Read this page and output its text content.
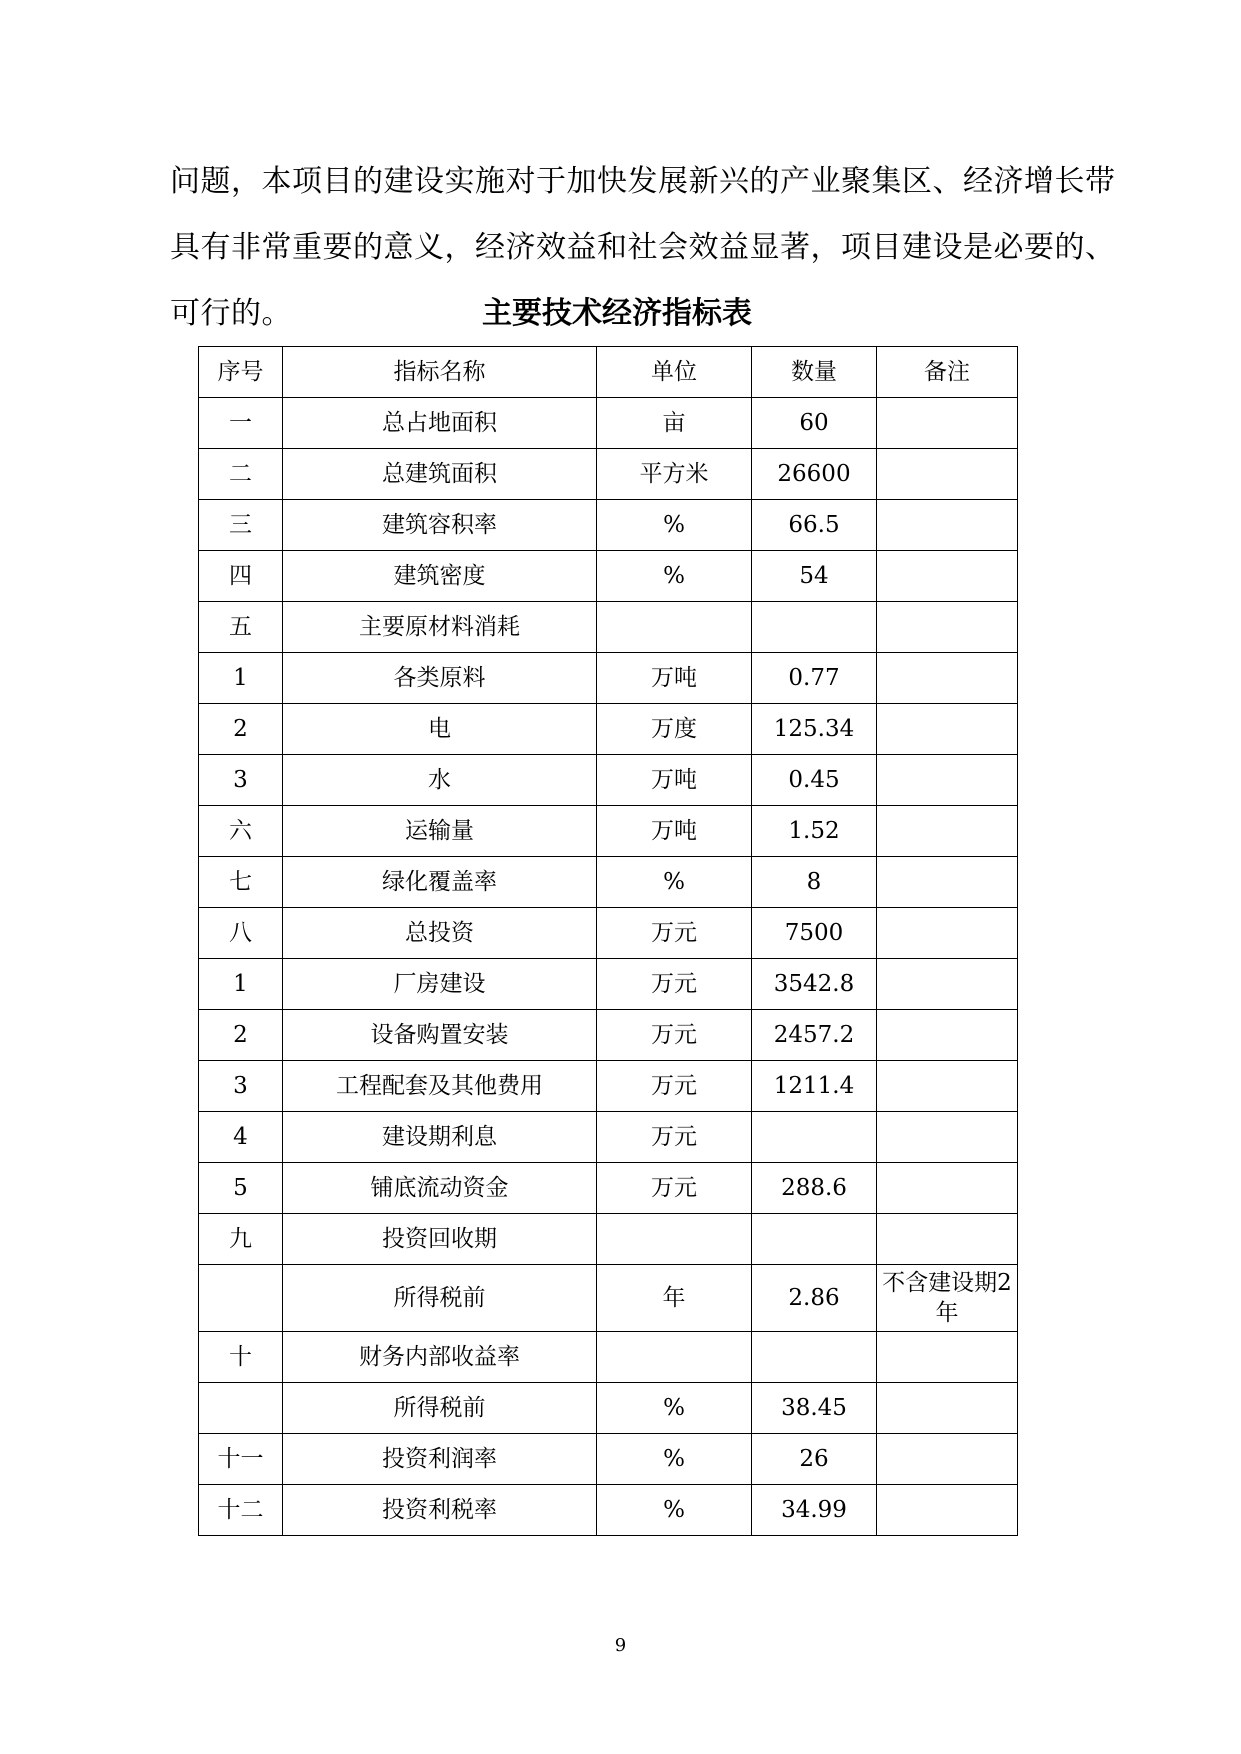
问题，本项目的建设实施对于加快发展新兴的产业聚集区、经济增长带
具有非常重要的意义，经济效益和社会效益显著，项目建设是必要的、
可行的。	主要技术经济指标表
序号	指标名称	单位	数量	备注
一	总占地面积	亩	60	
二	总建筑面积	平方米	26600	
三	建筑容积率	%	66.5	
四	建筑密度	%	54	
五	主要原材料消耗			
1	各类原料	万吨	0.77	
2	电	万度	125.34	
3	水	万吨	0.45	
六	运输量	万吨	1.52	
七	绿化覆盖率	%	8	
八	总投资	万元	7500	
1	厂房建设	万元	3542.8	
2	设备购置安装	万元	2457.2	
3	工程配套及其他费用	万元	1211.4	
4	建设期利息	万元		
5	铺底流动资金	万元	288.6	
九	投资回收期			
	所得税前	年	2.86	不含建设期2年
十	财务内部收益率			
	所得税前	%	38.45	
十一	投资利润率	%	26	
十二	投资利税率	%	34.99	
9
